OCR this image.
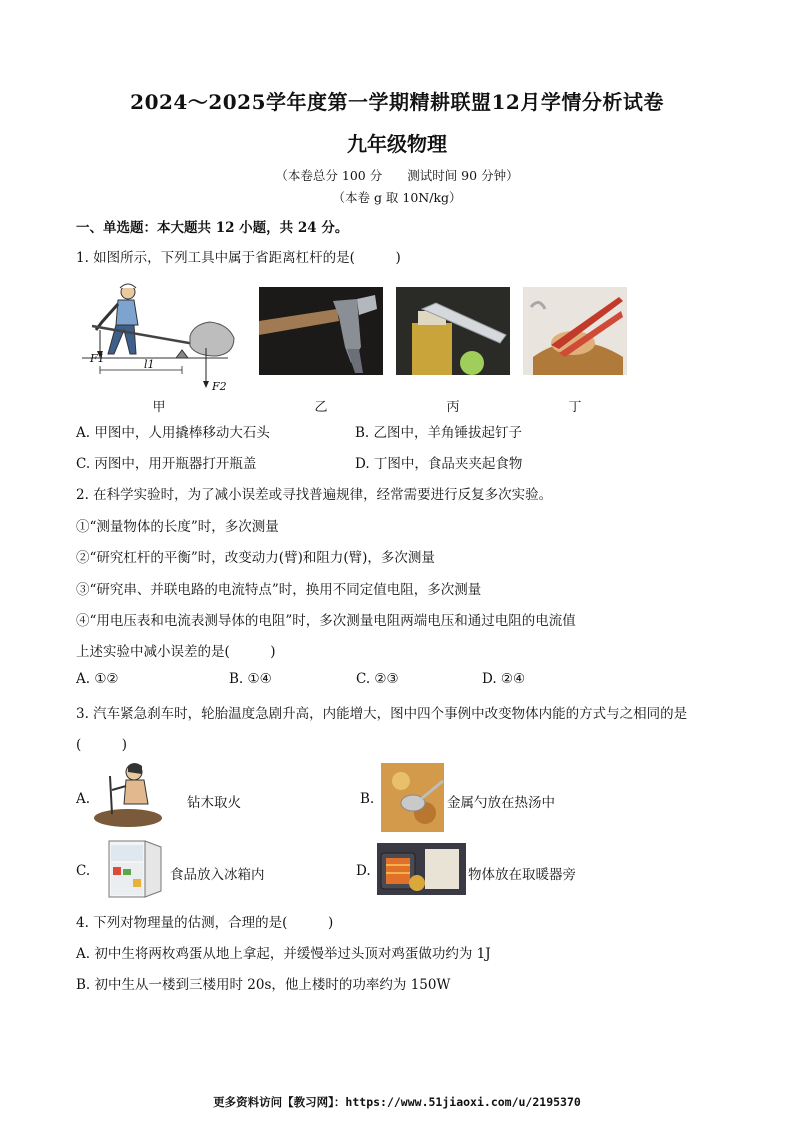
2024～2025学年度第一学期精耕联盟12月学情分析试卷
九年级物理
（本卷总分 100 分　　测试时间 90 分钟）
（本卷 g 取 10N/kg）
一、单选题：本大题共 12 小题，共 24 分。
1. 如图所示，下列工具中属于省距离杠杆的是(　　　)
F1	l1
F2
甲	乙	丙	丁
A. 甲图中，人用撬棒移动大石头	B. 乙图中，羊角锤拔起钉子
C. 丙图中，用开瓶器打开瓶盖	D. 丁图中，食品夹夹起食物
2. 在科学实验时，为了减小误差或寻找普遍规律，经常需要进行反复多次实验。
①“测量物体的长度”时，多次测量
②“研究杠杆的平衡”时，改变动力(臂)和阻力(臂)，多次测量
③“研究串、并联电路的电流特点”时，换用不同定值电阻，多次测量
④“用电压表和电流表测导体的电阻”时，多次测量电阻两端电压和通过电阻的电流值
上述实验中减小误差的是(　　　)
A. ①②	B. ①④	C. ②③	D. ②④
3. 汽车紧急刹车时，轮胎温度急剧升高，内能增大，图中四个事例中改变物体内能的方式与之相同的是
(　　　)
A.	钻木取火	B.	金属勺放在热汤中
C.	食品放入冰箱内	D.	物体放在取暖器旁
4. 下列对物理量的估测，合理的是(　　　)
A. 初中生将两枚鸡蛋从地上拿起，并缓慢举过头顶对鸡蛋做功约为 1J
B. 初中生从一楼到三楼用时 20s，他上楼时的功率约为 150W
更多资料访问【教习网】：https://www.51jiaoxi.com/u/2195370
